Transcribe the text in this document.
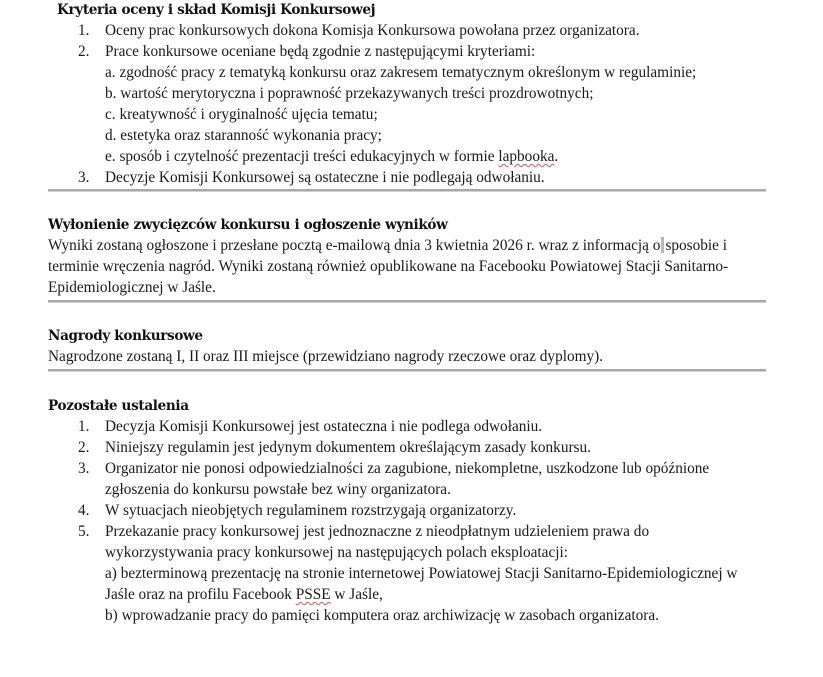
Kryteria oceny i skład Komisji Konkursowej
1. Oceny prac konkursowych dokona Komisja Konkursowa powołana przez organizatora.
2. Prace konkursowe oceniane będą zgodnie z następującymi kryteriami:
a. zgodność pracy z tematyką konkursu oraz zakresem tematycznym określonym w regulaminie;
b. wartość merytoryczna i poprawność przekazywanych treści prozdrowotnych;
c. kreatywność i oryginalność ujęcia tematu;
d. estetyka oraz staranność wykonania pracy;
e. sposób i czytelność prezentacji treści edukacyjnych w formie lapbooka.
3. Decyzje Komisji Konkursowej są ostateczne i nie podlegają odwołaniu.
Wyłonienie zwycięzców konkursu i ogłoszenie wyników
Wyniki zostaną ogłoszone i przesłane pocztą e-mailową dnia 3 kwietnia 2026 r. wraz z informacją o sposobie i
terminie wręczenia nagród. Wyniki zostaną również opublikowane na Facebooku Powiatowej Stacji Sanitarno-
Epidemiologicznej w Jaśle.
Nagrody konkursowe
Nagrodzone zostaną I, II oraz III miejsce (przewidziano nagrody rzeczowe oraz dyplomy).
Pozostałe ustalenia
1. Decyzja Komisji Konkursowej jest ostateczna i nie podlega odwołaniu.
2. Niniejszy regulamin jest jedynym dokumentem określającym zasady konkursu.
3. Organizator nie ponosi odpowiedzialności za zagubione, niekompletne, uszkodzone lub opóźnione
zgłoszenia do konkursu powstałe bez winy organizatora.
4. W sytuacjach nieobjętych regulaminem rozstrzygają organizatorzy.
5. Przekazanie pracy konkursowej jest jednoznaczne z nieodpłatnym udzieleniem prawa do
wykorzystywania pracy konkursowej na następujących polach eksploatacji:
a) bezterminową prezentację na stronie internetowej Powiatowej Stacji Sanitarno-Epidemiologicznej w
Jaśle oraz na profilu Facebook PSSE w Jaśle,
b) wprowadzanie pracy do pamięci komputera oraz archiwizację w zasobach organizatora.
